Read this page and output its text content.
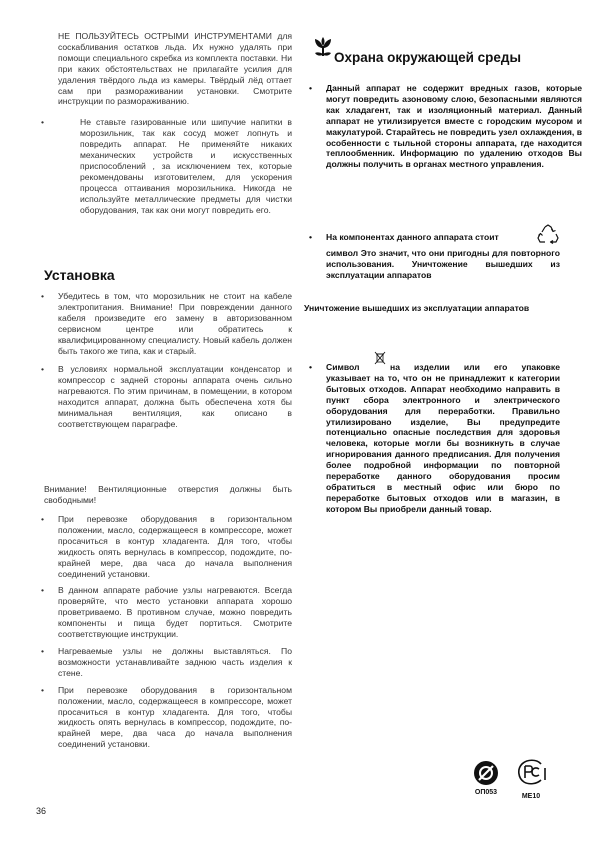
НЕ ПОЛЬЗУЙТЕСЬ ОСТРЫМИ ИНСТРУМЕНТАМИ для соскабливания остатков льда. Их нужно удалять при помощи специального скребка из комплекта поставки. Ни при каких обстоятельствах не прилагайте усилия для удаления твёрдого льда из камеры. Твёрдый лёд оттает сам при размораживании установки. Смотрите инструкции по размораживанию.

•	Не ставьте газированные или шипучие напитки в морозильник, так как сосуд может лопнуть и повредить аппарат. Не применяйте никаких механических устройств и искусственных приспособлений , за исключением тех, которые рекомендованы изготовителем, для ускорения процесса оттаивания морозильника. Никогда не используйте металлические предметы для чистки оборудования, так как они могут повредить его.
Установка
• Убедитесь в том, что морозильник не стоит на кабеле электропитания. Внимание! При повреждении данного кабеля произведите его замену в авторизованном сервисном центре или обратитесь к квалифицированному специалисту. Новый кабель должен быть такого же типа, как и старый.
• В условиях нормальной эксплуатации конденсатор и компрессор с задней стороны аппарата очень сильно нагреваются. По этим причинам, в помещении, в котором находится аппарат, должна быть обеспечена хотя бы минимальная вентиляция, как описано в соответствующем параграфе.

Внимание! Вентиляционные отверстия должны быть свободными!

• При перевозке оборудования в горизонтальном положении, масло, содержащееся в компрессоре, может просачиться в контур хладагента. Для того, чтобы жидкость опять вернулась в компрессор, подождите, по-крайней мере, два часа до начала выполнения соединений установки.
• В данном аппарате рабочие узлы нагреваются. Всегда проверяйте, что место установки аппарата хорошо проветриваемо. В противном случае, можно повредить компоненты и пища будет портиться. Смотрите соответствующие инструкции.
• Нагреваемые узлы не должны выставляться. По возможности устанавливайте заднюю часть изделия к стене.
• При перевозке оборудования в горизонтальном положении, масло, содержащееся в компрессоре, может просачиться в контур хладагента. Для того, чтобы жидкость опять вернулась в компрессор, подождите, по-крайней мере, два часа до начала выполнения соединений установки.
Охрана окружающей среды
• Данный аппарат не содержит вредных газов, которые могут повредить азоновому слою, безопасными являются как хладагент, так и изоляционный материал. Данный аппарат не утилизируется вместе с городским мусором и макулатурой. Старайтесь не повредить узел охлаждения, в особенности с тыльной стороны аппарата, где находится теплообменник. Информацию по удалению отходов Вы должны получить в органах местного управления.
• На компонентах данного аппарата стоит

символ Это значит, что они пригодны для повторного использования. Уничтожение вышедших из эксплуатации аппаратов

Уничтожение вышедших из эксплуатации аппаратов

• Символ	на изделии или его упаковке указывает на то, что он не принадлежит к категории бытовых отходов. Аппарат необходимо направить в пункт сбора электронного и электрического оборудования для переработки. Правильно утилизировано изделие, Вы предупредите потенциально опасные последствия для здоровья человека, которые могли бы возникнуть в случае игнорирования данного предписания. Для получения более подробной информации по повторной переработке данного оборудования просим обратиться в местный офис или бюро по переработке бытовых отходов или в магазин, в котором Вы приобрели данный товар.

ОП053
МЕ10
36
